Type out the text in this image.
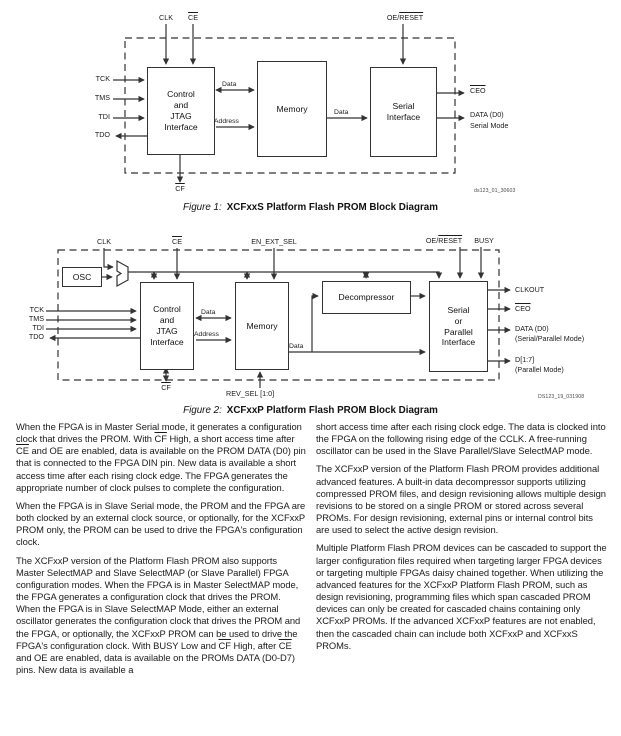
Control
and
JTAG
Interface
Memory	Serial
Interface
CLK	$\overline{CE}$	OE/RESET
TCK
TMS
TDI
TDO
Data
Address
Data
$\overline{CEO}$
DATA (D0)
Serial Mode
$\overline{CF}$	ds123_01_30603
Figure 1: XCFxxS Platform Flash PROM Block Diagram
OSC
Control
and
JTAG
Interface
Memory
Decompressor
Serial
or
Parallel
Interface
CLK	$\overline{CE}$	EN_EXT_SEL	OE/RESET	BUSY
TCK
TMS
TDI
TDO
Data
Address
Data
$\overline{CF}$
REV_SEL [1:0]
CLKOUT
$\overline{CEO}$
DATA (D0)
(Serial/Parallel Mode)
D[1:7]
(Parallel Mode)
DS123_19_031908
Figure 2: XCFxxP Platform Flash PROM Block Diagram

When the FPGA is in Master Serial mode, it generates a configuration clock that drives the PROM. With $\overline{CF}$ High, a short access time after $\overline{CE}$ and OE are enabled, data is available on the PROM DATA (D0) pin that is connected to the FPGA DIN pin. New data is available a short access time after each rising clock edge. The FPGA generates the appropriate number of clock pulses to complete the configuration.

When the FPGA is in Slave Serial mode, the PROM and the FPGA are both clocked by an external clock source, or optionally, for the XCFxxP PROM only, the PROM can be used to drive the FPGA's configuration clock.

The XCFxxP version of the Platform Flash PROM also supports Master SelectMAP and Slave SelectMAP (or Slave Parallel) FPGA configuration modes. When the FPGA is in Master SelectMAP mode, the FPGA generates a configuration clock that drives the PROM. When the FPGA is in Slave SelectMAP Mode, either an external oscillator generates the configuration clock that drives the PROM and the FPGA, or optionally, the XCFxxP PROM can be used to drive the FPGA's configuration clock. With BUSY Low and $\overline{CF}$ High, after $\overline{CE}$ and OE are enabled, data is available on the PROMs DATA (D0-D7) pins. New data is available a

short access time after each rising clock edge. The data is clocked into the FPGA on the following rising edge of the CCLK. A free-running oscillator can be used in the Slave Parallel/Slave SelectMAP mode.

The XCFxxP version of the Platform Flash PROM provides additional advanced features. A built-in data decompressor supports utilizing compressed PROM files, and design revisioning allows multiple design revisions to be stored on a single PROM or stored across several PROMs. For design revisioning, external pins or internal control bits are used to select the active design revision.

Multiple Platform Flash PROM devices can be cascaded to support the larger configuration files required when targeting larger FPGA devices or targeting multiple FPGAs daisy chained together. When utilizing the advanced features for the XCFxxP Platform Flash PROM, such as design revisioning, programming files which span cascaded PROM devices can only be created for cascaded chains containing only XCFxxP PROMs. If the advanced XCFxxP features are not enabled, then the cascaded chain can include both XCFxxP and XCFxxS PROMs.
